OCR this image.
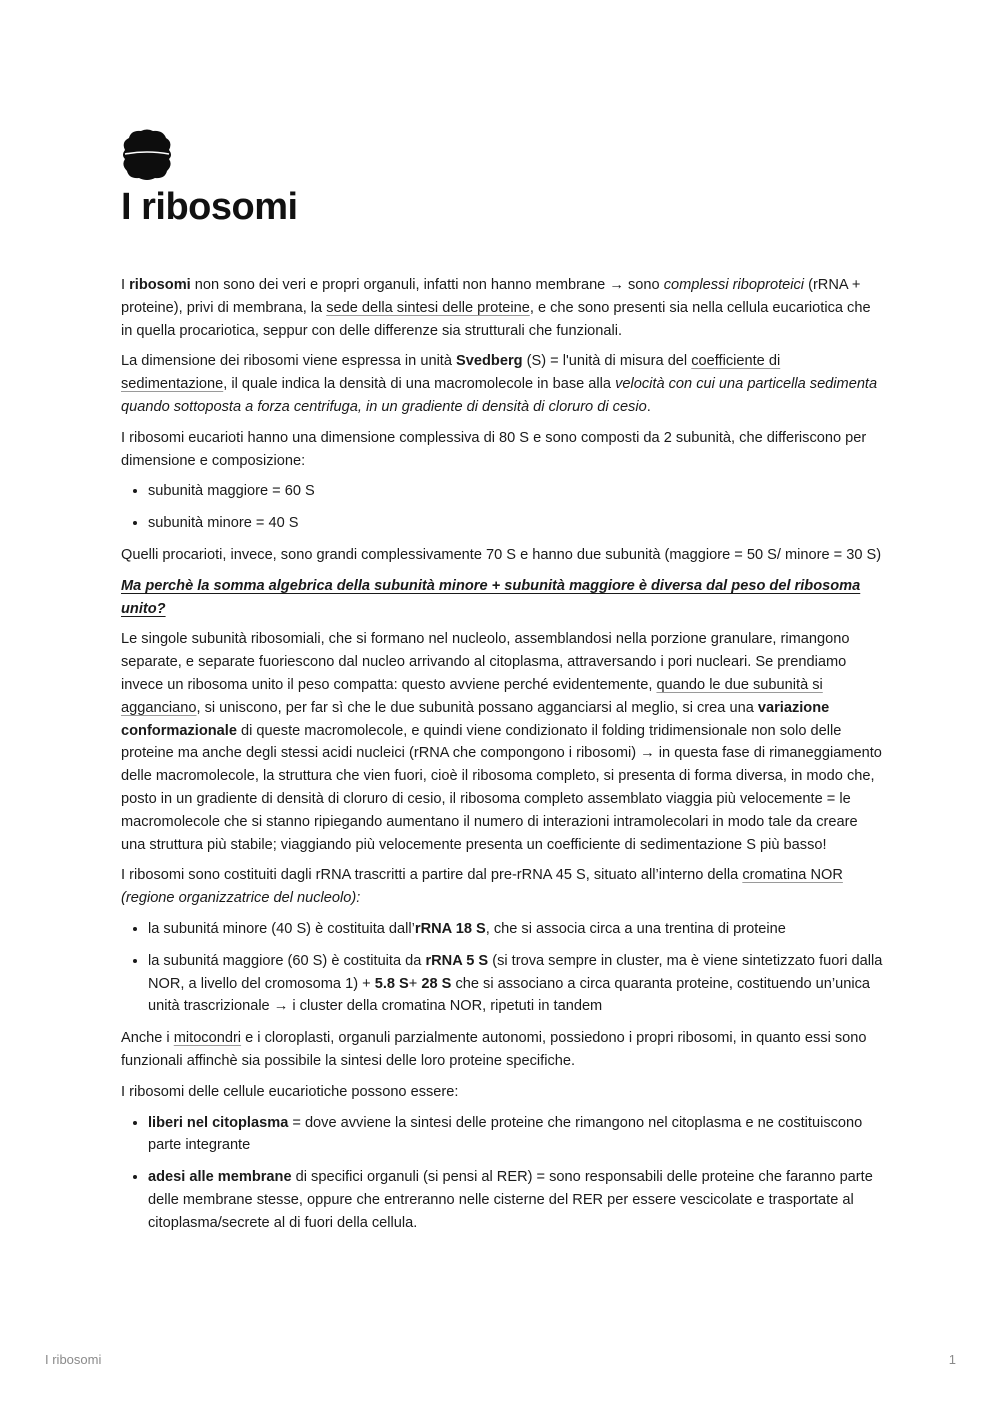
I ribosomi

I ribosomi non sono dei veri e propri organuli, infatti non hanno membrane → sono complessi riboproteici (rRNA + proteine), privi di membrana, la sede della sintesi delle proteine, e che sono presenti sia nella cellula eucariotica che in quella procariotica, seppur con delle differenze sia strutturali che funzionali.

La dimensione dei ribosomi viene espressa in unità Svedberg (S) = l'unità di misura del coefficiente di sedimentazione, il quale indica la densità di una macromolecole in base alla velocità con cui una particella sedimenta quando sottoposta a forza centrifuga, in un gradiente di densità di cloruro di cesio.

I ribosomi eucarioti hanno una dimensione complessiva di 80 S e sono composti da 2 subunità, che differiscono per dimensione e composizione:

• subunità maggiore = 60 S
• subunità minore = 40 S

Quelli procarioti, invece, sono grandi complessivamente 70 S e hanno due subunità (maggiore = 50 S/ minore = 30 S)

Ma perchè la somma algebrica della subunità minore + subunità maggiore è diversa dal peso del ribosoma unito?

Le singole subunità ribosomiali, che si formano nel nucleolo, assemblandosi nella porzione granulare, rimangono separate, e separate fuoriescono dal nucleo arrivando al citoplasma, attraversando i pori nucleari. Se prendiamo invece un ribosoma unito il peso compatta: questo avviene perché evidentemente, quando le due subunità si agganciano, si uniscono, per far sì che le due subunità possano agganciarsi al meglio, si crea una variazione conformazionale di queste macromolecole, e quindi viene condizionato il folding tridimensionale non solo delle proteine ma anche degli stessi acidi nucleici (rRNA che compongono i ribosomi) → in questa fase di rimaneggiamento delle macromolecole, la struttura che vien fuori, cioè il ribosoma completo, si presenta di forma diversa, in modo che, posto in un gradiente di densità di cloruro di cesio, il ribosoma completo assemblato viaggia più velocemente = le macromolecole che si stanno ripiegando aumentano il numero di interazioni intramolecolari in modo tale da creare una struttura più stabile; viaggiando più velocemente presenta un coefficiente di sedimentazione S più basso!

I ribosomi sono costituiti dagli rRNA trascritti a partire dal pre-rRNA 45 S, situato all’interno della cromatina NOR (regione organizzatrice del nucleolo):

• la subunitá minore (40 S) è costituita dall’rRNA 18 S, che si associa circa a una trentina di proteine
• la subunitá maggiore (60 S) è costituita da rRNA 5 S (si trova sempre in cluster, ma è viene sintetizzato fuori dalla NOR, a livello del cromosoma 1) + 5.8 S+ 28 S che si associano a circa quaranta proteine, costituendo un’unica unità trascrizionale → i cluster della cromatina NOR, ripetuti in tandem

Anche i mitocondri e i cloroplasti, organuli parzialmente autonomi, possiedono i propri ribosomi, in quanto essi sono funzionali affinchè sia possibile la sintesi delle loro proteine specifiche.

I ribosomi delle cellule eucariotiche possono essere:

• liberi nel citoplasma = dove avviene la sintesi delle proteine che rimangono nel citoplasma e ne costituiscono parte integrante
• adesi alle membrane di specifici organuli (si pensi al RER) = sono responsabili delle proteine che faranno parte delle membrane stesse, oppure che entreranno nelle cisterne del RER per essere vescicolate e trasportate al citoplasma/secrete al di fuori della cellula.
I ribosomi	1
